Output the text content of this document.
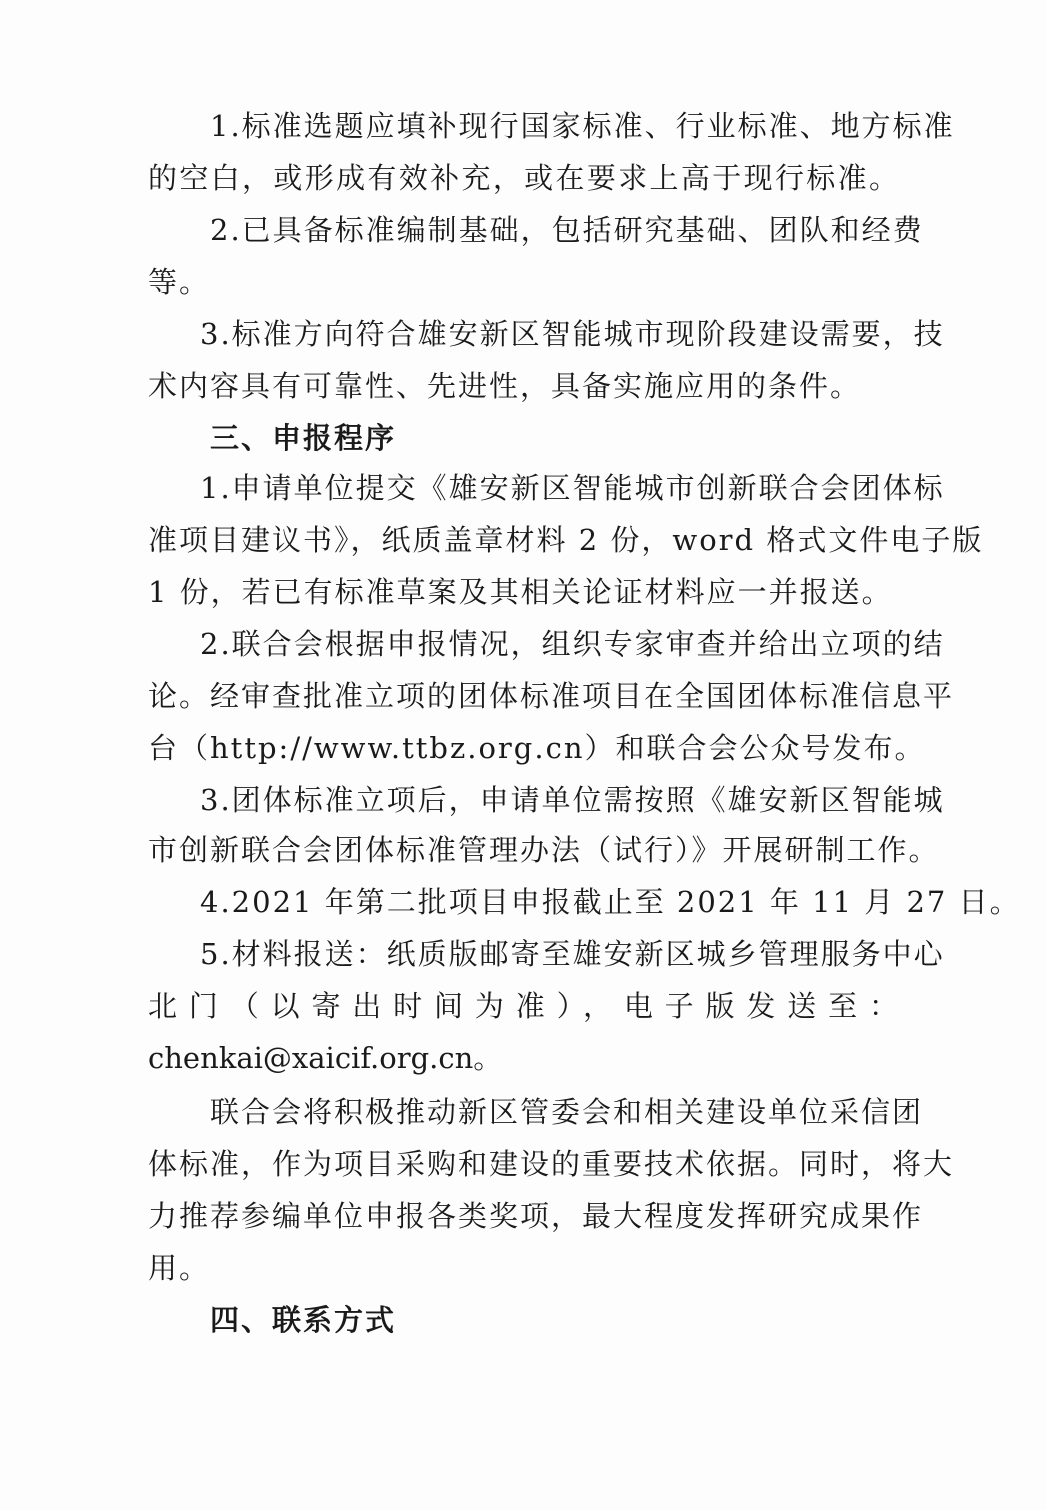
1.标准选题应填补现行国家标准、行业标准、地方标准
的空白，或形成有效补充，或在要求上高于现行标准。
2.已具备标准编制基础，包括研究基础、团队和经费
等。
3.标准方向符合雄安新区智能城市现阶段建设需要，技
术内容具有可靠性、先进性，具备实施应用的条件。
三、申报程序
1.申请单位提交《雄安新区智能城市创新联合会团体标
准项目建议书》，纸质盖章材料 2 份，word 格式文件电子版
1 份，若已有标准草案及其相关论证材料应一并报送。
2.联合会根据申报情况，组织专家审查并给出立项的结
论。经审查批准立项的团体标准项目在全国团体标准信息平
台（http://www.ttbz.org.cn）和联合会公众号发布。
3.团体标准立项后，申请单位需按照《雄安新区智能城
市创新联合会团体标准管理办法（试行）》开展研制工作。
4.2021 年第二批项目申报截止至 2021 年 11 月 27 日。
5.材料报送：纸质版邮寄至雄安新区城乡管理服务中心
北门（以寄出时间为准），电子版发送至：
chenkai@xaicif.org.cn。
联合会将积极推动新区管委会和相关建设单位采信团
体标准，作为项目采购和建设的重要技术依据。同时，将大
力推荐参编单位申报各类奖项，最大程度发挥研究成果作
用。
四、联系方式
